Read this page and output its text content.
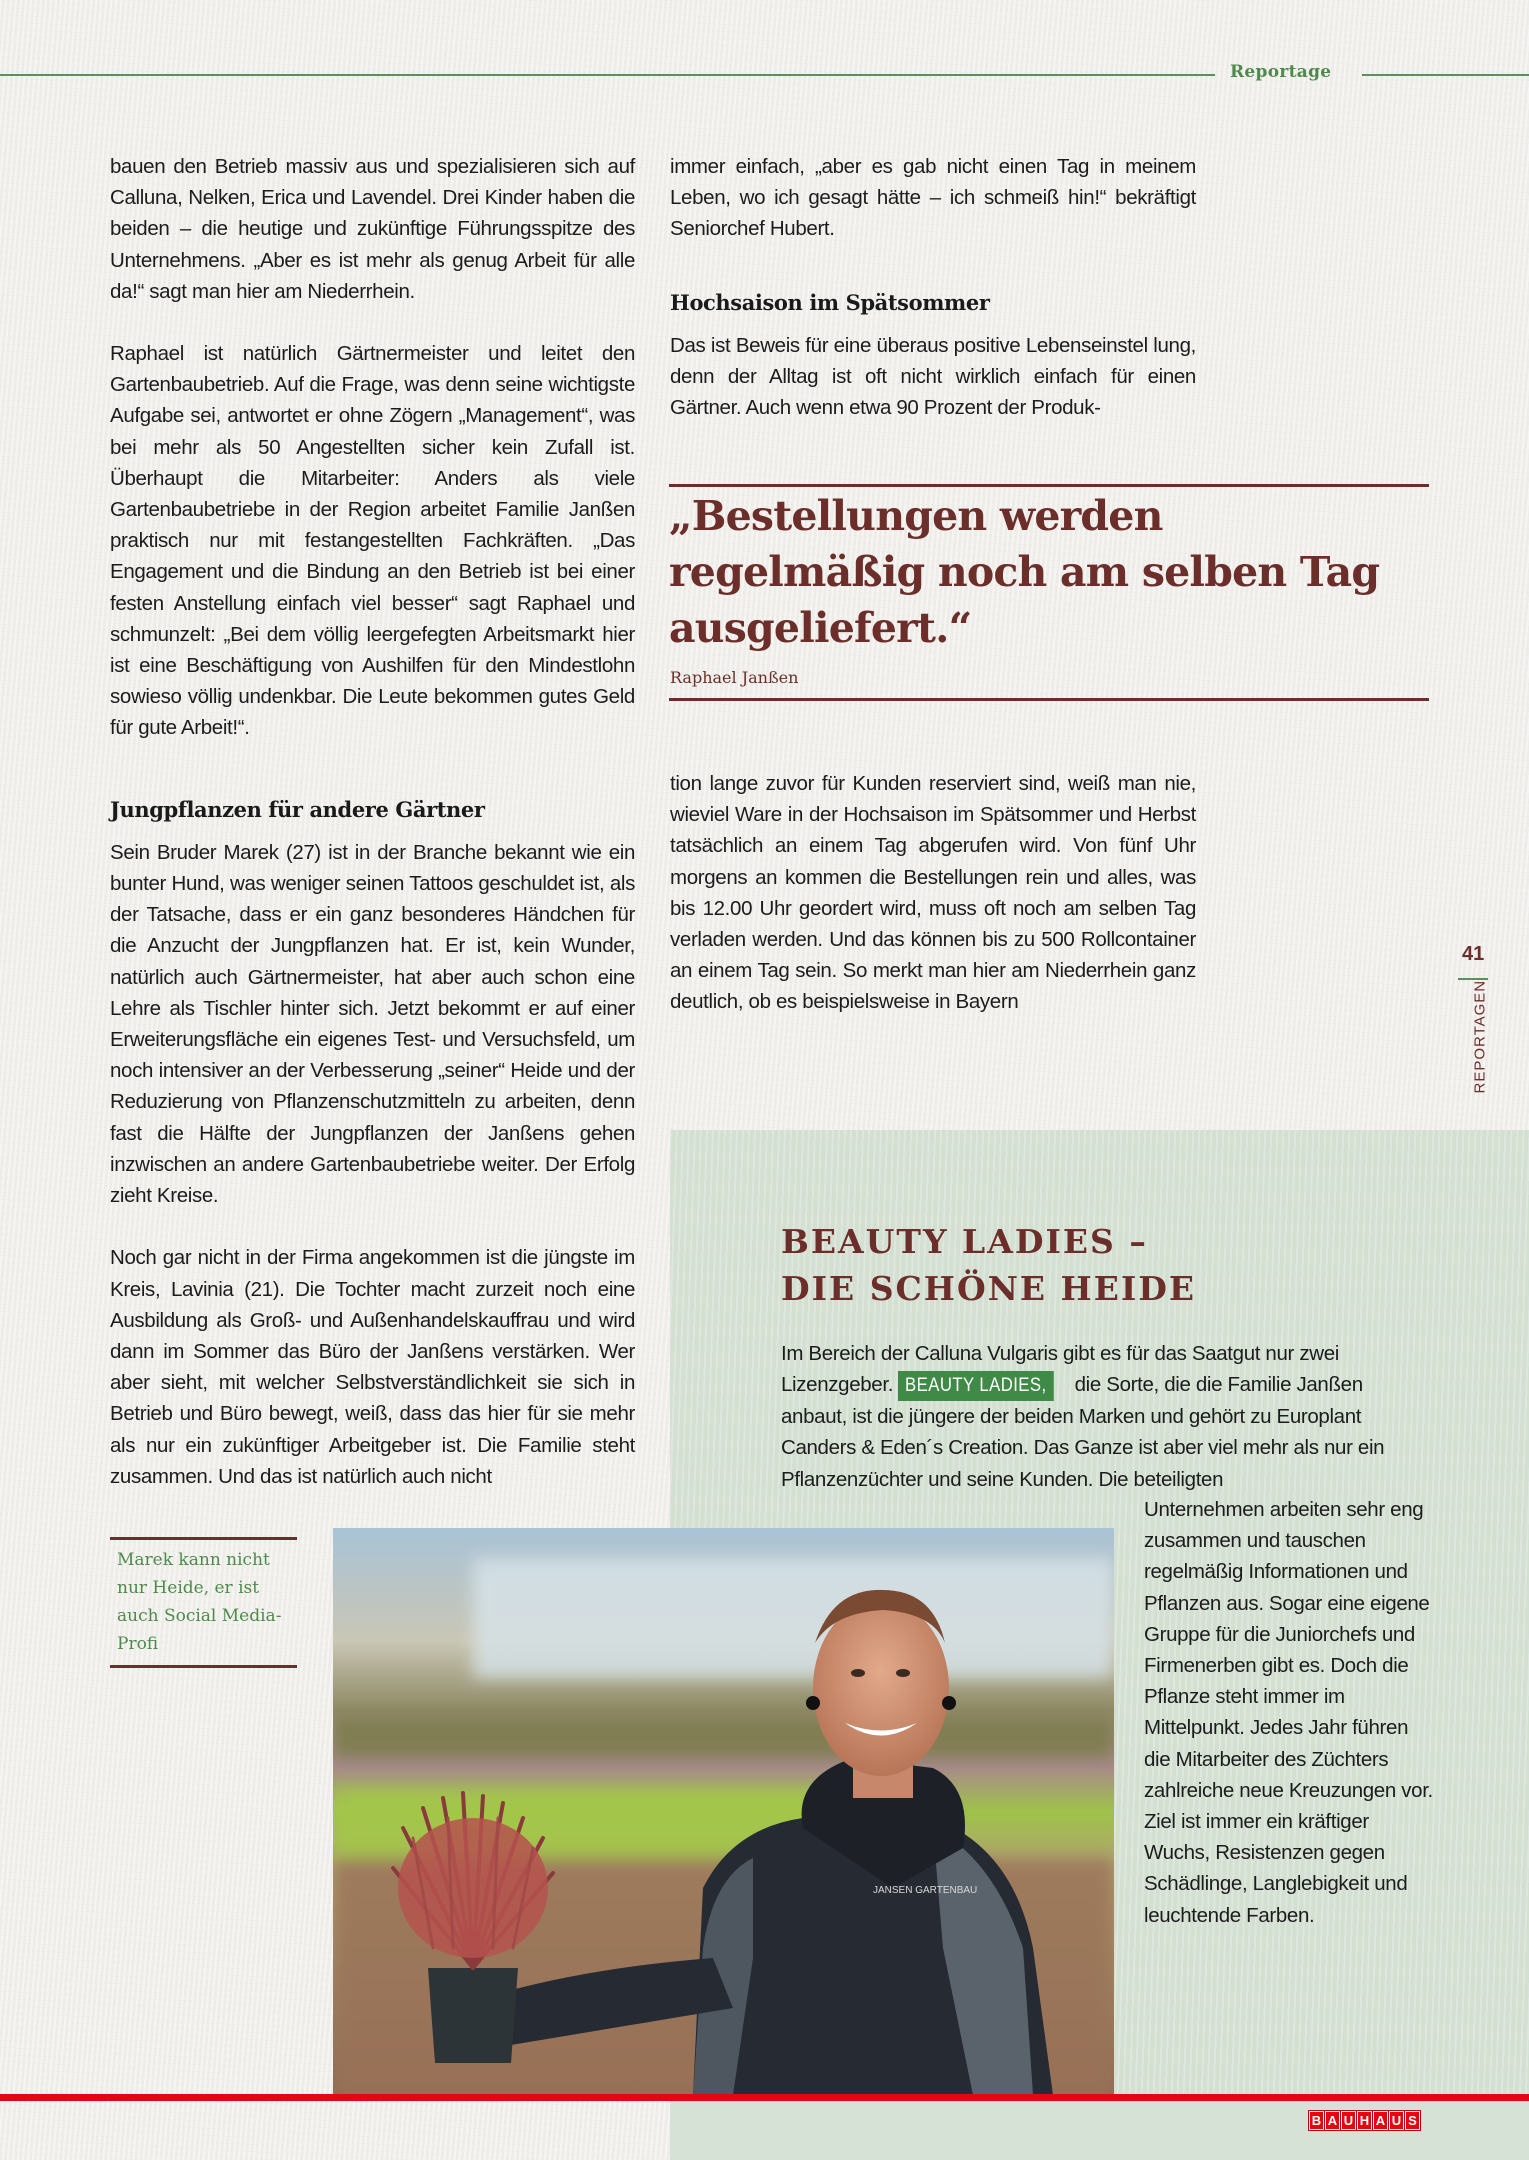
Reportage

bauen den Betrieb massiv aus und spezialisieren sich auf Calluna, Nelken, Erica und Lavendel. Drei Kinder haben die beiden – die heutige und zukünftige Führungsspitze des Unternehmens. „Aber es ist mehr als genug Arbeit für alle da!“ sagt man hier am Niederrhein.

Raphael ist natürlich Gärtnermeister und leitet den Gartenbaubetrieb. Auf die Frage, was denn seine wichtigste Aufgabe sei, antwortet er ohne Zögern „Management“, was bei mehr als 50 Angestellten sicher kein Zufall ist. Überhaupt die Mitarbeiter: Anders als viele Gartenbaubetriebe in der Region arbeitet Familie Janßen praktisch nur mit festangestellten Fachkräften. „Das Engagement und die Bindung an den Betrieb ist bei einer festen Anstellung einfach viel besser“ sagt Raphael und schmunzelt: „Bei dem völlig leergefegten Arbeitsmarkt hier ist eine Beschäftigung von Aushilfen für den Mindestlohn sowieso völlig undenkbar. Die Leute bekommen gutes Geld für gute Arbeit!“.

Jungpflanzen für andere Gärtner

Sein Bruder Marek (27) ist in der Branche bekannt wie ein bunter Hund, was weniger seinen Tattoos geschuldet ist, als der Tatsache, dass er ein ganz besonderes Händchen für die Anzucht der Jungpflanzen hat. Er ist, kein Wunder, natürlich auch Gärtnermeister, hat aber auch schon eine Lehre als Tischler hinter sich. Jetzt bekommt er auf einer Erweiterungsfläche ein eigenes Test- und Versuchsfeld, um noch intensiver an der Verbesserung „seiner“ Heide und der Reduzierung von Pflanzenschutzmitteln zu arbeiten, denn fast die Hälfte der Jungpflanzen der Janßens gehen inzwischen an andere Gartenbaubetriebe weiter. Der Erfolg zieht Kreise.

Noch gar nicht in der Firma angekommen ist die jüngste im Kreis, Lavinia (21). Die Tochter macht zurzeit noch eine Ausbildung als Groß- und Außenhandelskauffrau und wird dann im Sommer das Büro der Janßens verstärken. Wer aber sieht, mit welcher Selbstverständlichkeit sie sich in Betrieb und Büro bewegt, weiß, dass das hier für sie mehr als nur ein zukünftiger Arbeitgeber ist. Die Familie steht zusammen. Und das ist natürlich auch nicht

immer einfach, „aber es gab nicht einen Tag in meinem Leben, wo ich gesagt hätte – ich schmeiß hin!“ bekräftigt Seniorchef Hubert.

Hochsaison im Spätsommer

Das ist Beweis für eine überaus positive Lebenseinstel lung, denn der Alltag ist oft nicht wirklich einfach für einen Gärtner. Auch wenn etwa 90 Prozent der Produk-

„Bestellungen werden regelmäßig noch am selben Tag ausgeliefert.“
Raphael Janßen

tion lange zuvor für Kunden reserviert sind, weiß man nie, wieviel Ware in der Hochsaison im Spätsommer und Herbst tatsächlich an einem Tag abgerufen wird. Von fünf Uhr morgens an kommen die Bestellungen rein und alles, was bis 12.00 Uhr geordert wird, muss oft noch am selben Tag verladen werden. Und das können bis zu 500 Rollcontainer an einem Tag sein. So merkt man hier am Niederrhein ganz deutlich, ob es beispielsweise in Bayern

41
REPORTAGEN
BEAUTY LADIES –
DIE SCHÖNE HEIDE
Im Bereich der Calluna Vulgaris gibt es für das Saatgut nur zwei Lizenzgeber. BEAUTY LADIES, die Sorte, die die Familie Janßen anbaut, ist die jüngere der beiden Marken und gehört zu Europlant Canders & Eden´s Creation. Das Ganze ist aber viel mehr als nur ein Pflanzenzüchter und seine Kunden. Die beteiligten
Unternehmen arbeiten sehr eng zusammen und tauschen regelmäßig Informationen und Pflanzen aus. Sogar eine eigene Gruppe für die Juniorchefs und Firmenerben gibt es. Doch die Pflanze steht immer im Mittelpunkt. Jedes Jahr führen die Mitarbeiter des Züchters zahlreiche neue Kreuzungen vor. Ziel ist immer ein kräftiger Wuchs, Resistenzen gegen Schädlinge, Langlebigkeit und leuchtende Farben.
Marek kann nicht nur Heide, er ist auch Social Media-Profi
JANSEN GARTENBAU
B A U H A U S
